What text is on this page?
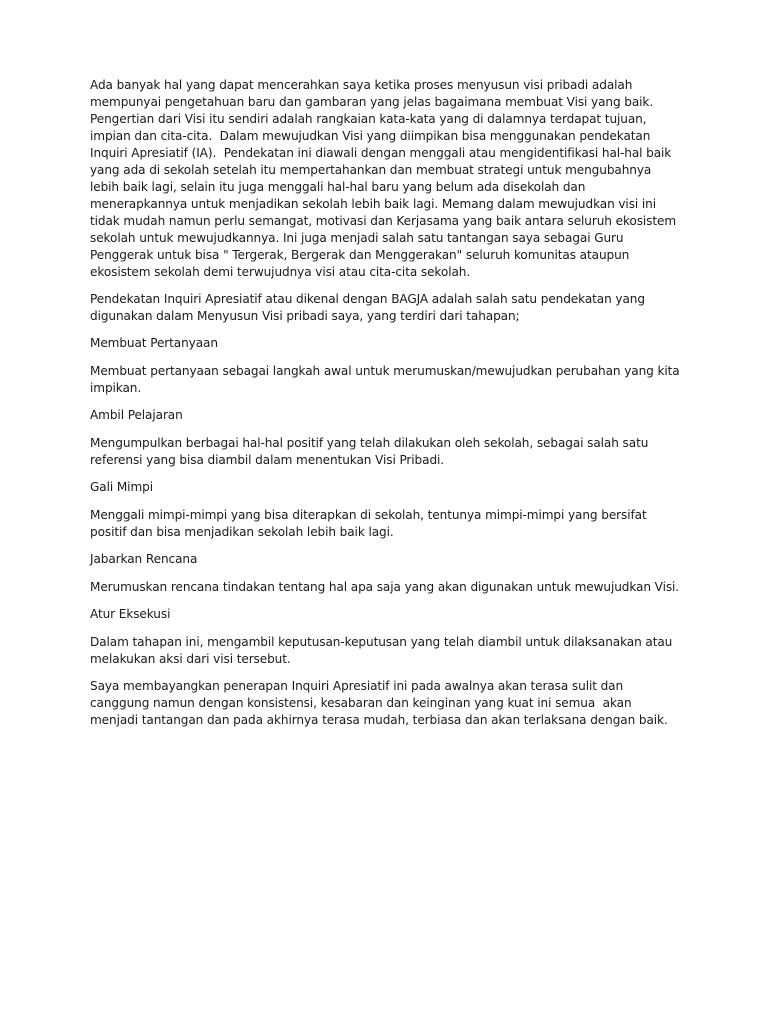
Ada banyak hal yang dapat mencerahkan saya ketika proses menyusun visi pribadi adalah mempunyai pengetahuan baru dan gambaran yang jelas bagaimana membuat Visi yang baik. Pengertian dari Visi itu sendiri adalah rangkaian kata-kata yang di dalamnya terdapat tujuan, impian dan cita-cita.  Dalam mewujudkan Visi yang diimpikan bisa menggunakan pendekatan Inquiri Apresiatif (IA).  Pendekatan ini diawali dengan menggali atau mengidentifikasi hal-hal baik yang ada di sekolah setelah itu mempertahankan dan membuat strategi untuk mengubahnya lebih baik lagi, selain itu juga menggali hal-hal baru yang belum ada disekolah dan menerapkannya untuk menjadikan sekolah lebih baik lagi. Memang dalam mewujudkan visi ini tidak mudah namun perlu semangat, motivasi dan Kerjasama yang baik antara seluruh ekosistem sekolah untuk mewujudkannya. Ini juga menjadi salah satu tantangan saya sebagai Guru Penggerak untuk bisa " Tergerak, Bergerak dan Menggerakan" seluruh komunitas ataupun ekosistem sekolah demi terwujudnya visi atau cita-cita sekolah.

Pendekatan Inquiri Apresiatif atau dikenal dengan BAGJA adalah salah satu pendekatan yang digunakan dalam Menyusun Visi pribadi saya, yang terdiri dari tahapan;

Membuat Pertanyaan

Membuat pertanyaan sebagai langkah awal untuk merumuskan/mewujudkan perubahan yang kita impikan.

Ambil Pelajaran

Mengumpulkan berbagai hal-hal positif yang telah dilakukan oleh sekolah, sebagai salah satu referensi yang bisa diambil dalam menentukan Visi Pribadi.

Gali Mimpi

Menggali mimpi-mimpi yang bisa diterapkan di sekolah, tentunya mimpi-mimpi yang bersifat positif dan bisa menjadikan sekolah lebih baik lagi.

Jabarkan Rencana

Merumuskan rencana tindakan tentang hal apa saja yang akan digunakan untuk mewujudkan Visi.

Atur Eksekusi

Dalam tahapan ini, mengambil keputusan-keputusan yang telah diambil untuk dilaksanakan atau melakukan aksi dari visi tersebut.

Saya membayangkan penerapan Inquiri Apresiatif ini pada awalnya akan terasa sulit dan canggung namun dengan konsistensi, kesabaran dan keinginan yang kuat ini semua  akan menjadi tantangan dan pada akhirnya terasa mudah, terbiasa dan akan terlaksana dengan baik.
